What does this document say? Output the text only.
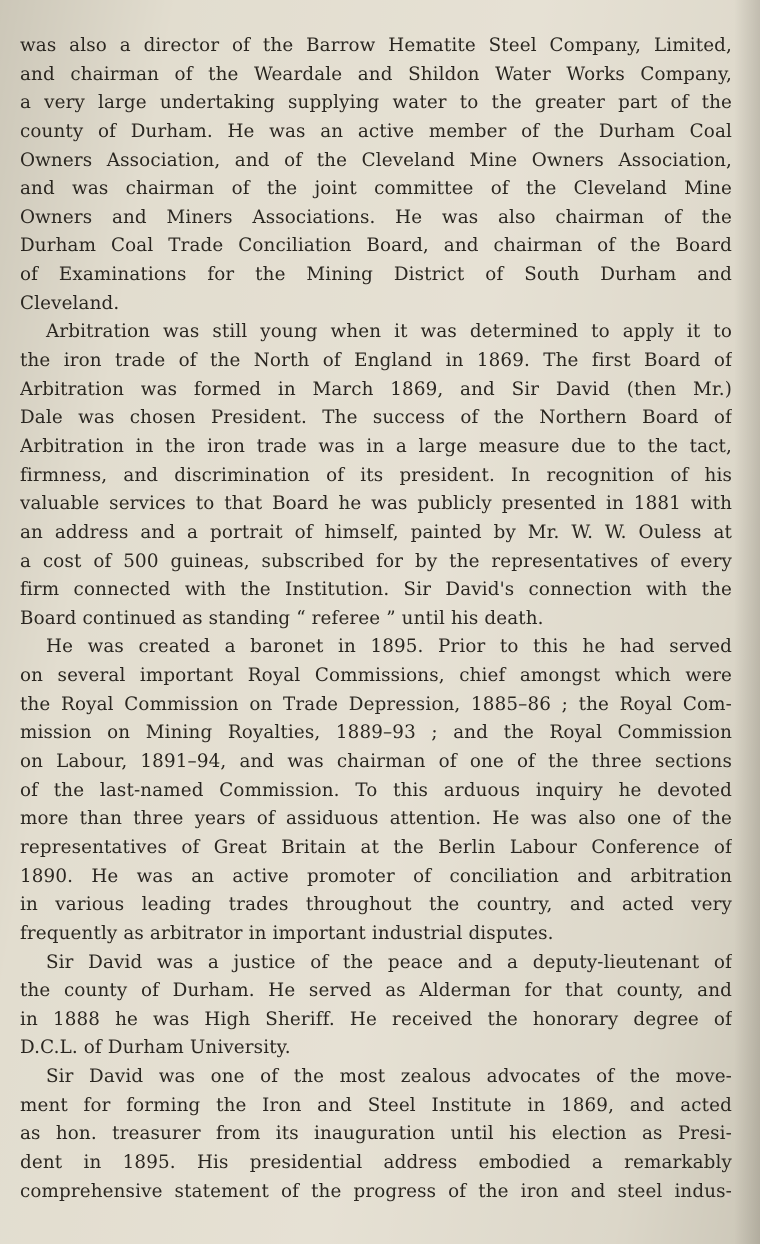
was also a director of the Barrow Hematite Steel Company, Limited,
and chairman of the Weardale and Shildon Water Works Company,
a very large undertaking supplying water to the greater part of the
county of Durham. He was an active member of the Durham Coal
Owners Association, and of the Cleveland Mine Owners Association,
and was chairman of the joint committee of the Cleveland Mine
Owners and Miners Associations. He was also chairman of the
Durham Coal Trade Conciliation Board, and chairman of the Board
of Examinations for the Mining District of South Durham and
Cleveland.
Arbitration was still young when it was determined to apply it to
the iron trade of the North of England in 1869. The first Board of
Arbitration was formed in March 1869, and Sir David (then Mr.)
Dale was chosen President. The success of the Northern Board of
Arbitration in the iron trade was in a large measure due to the tact,
firmness, and discrimination of its president. In recognition of his
valuable services to that Board he was publicly presented in 1881 with
an address and a portrait of himself, painted by Mr. W. W. Ouless at
a cost of 500 guineas, subscribed for by the representatives of every
firm connected with the Institution. Sir David's connection with the
Board continued as standing “ referee ” until his death.
He was created a baronet in 1895. Prior to this he had served
on several important Royal Commissions, chief amongst which were
the Royal Commission on Trade Depression, 1885–86 ; the Royal Com-
mission on Mining Royalties, 1889–93 ; and the Royal Commission
on Labour, 1891–94, and was chairman of one of the three sections
of the last-named Commission. To this arduous inquiry he devoted
more than three years of assiduous attention. He was also one of the
representatives of Great Britain at the Berlin Labour Conference of
1890. He was an active promoter of conciliation and arbitration
in various leading trades throughout the country, and acted very
frequently as arbitrator in important industrial disputes.
Sir David was a justice of the peace and a deputy-lieutenant of
the county of Durham. He served as Alderman for that county, and
in 1888 he was High Sheriff. He received the honorary degree of
D.C.L. of Durham University.
Sir David was one of the most zealous advocates of the move-
ment for forming the Iron and Steel Institute in 1869, and acted
as hon. treasurer from its inauguration until his election as Presi-
dent in 1895. His presidential address embodied a remarkably
comprehensive statement of the progress of the iron and steel indus-
